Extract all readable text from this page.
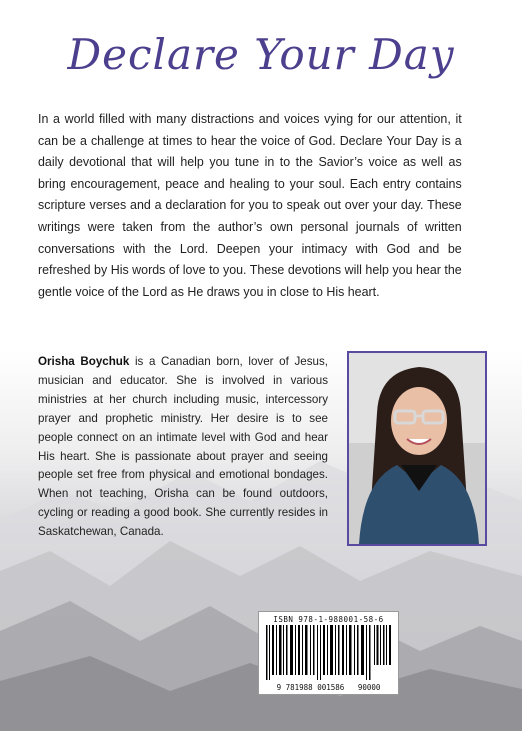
Declare Your Day
In a world filled with many distractions and voices vying for our attention, it can be a challenge at times to hear the voice of God. Declare Your Day is a daily devotional that will help you tune in to the Savior’s voice as well as bring encouragement, peace and healing to your soul. Each entry contains scripture verses and a declaration for you to speak out over your day. These writings were taken from the author’s own personal journals of written conversations with the Lord. Deepen your intimacy with God and be refreshed by His words of love to you. These devotions will help you hear the gentle voice of the Lord as He draws you in close to His heart.
Orisha Boychuk is a Canadian born, lover of Jesus, musician and educator. She is involved in various ministries at her church including music, intercessory prayer and prophetic ministry. Her desire is to see people connect on an intimate level with God and hear His heart. She is passionate about prayer and seeing people set free from physical and emotional bondages. When not teaching, Orisha can be found outdoors, cycling or reading a good book. She currently resides in Saskatchewan, Canada.
ISBN 978-1-988001-58-6
9 781988 001586 90000
